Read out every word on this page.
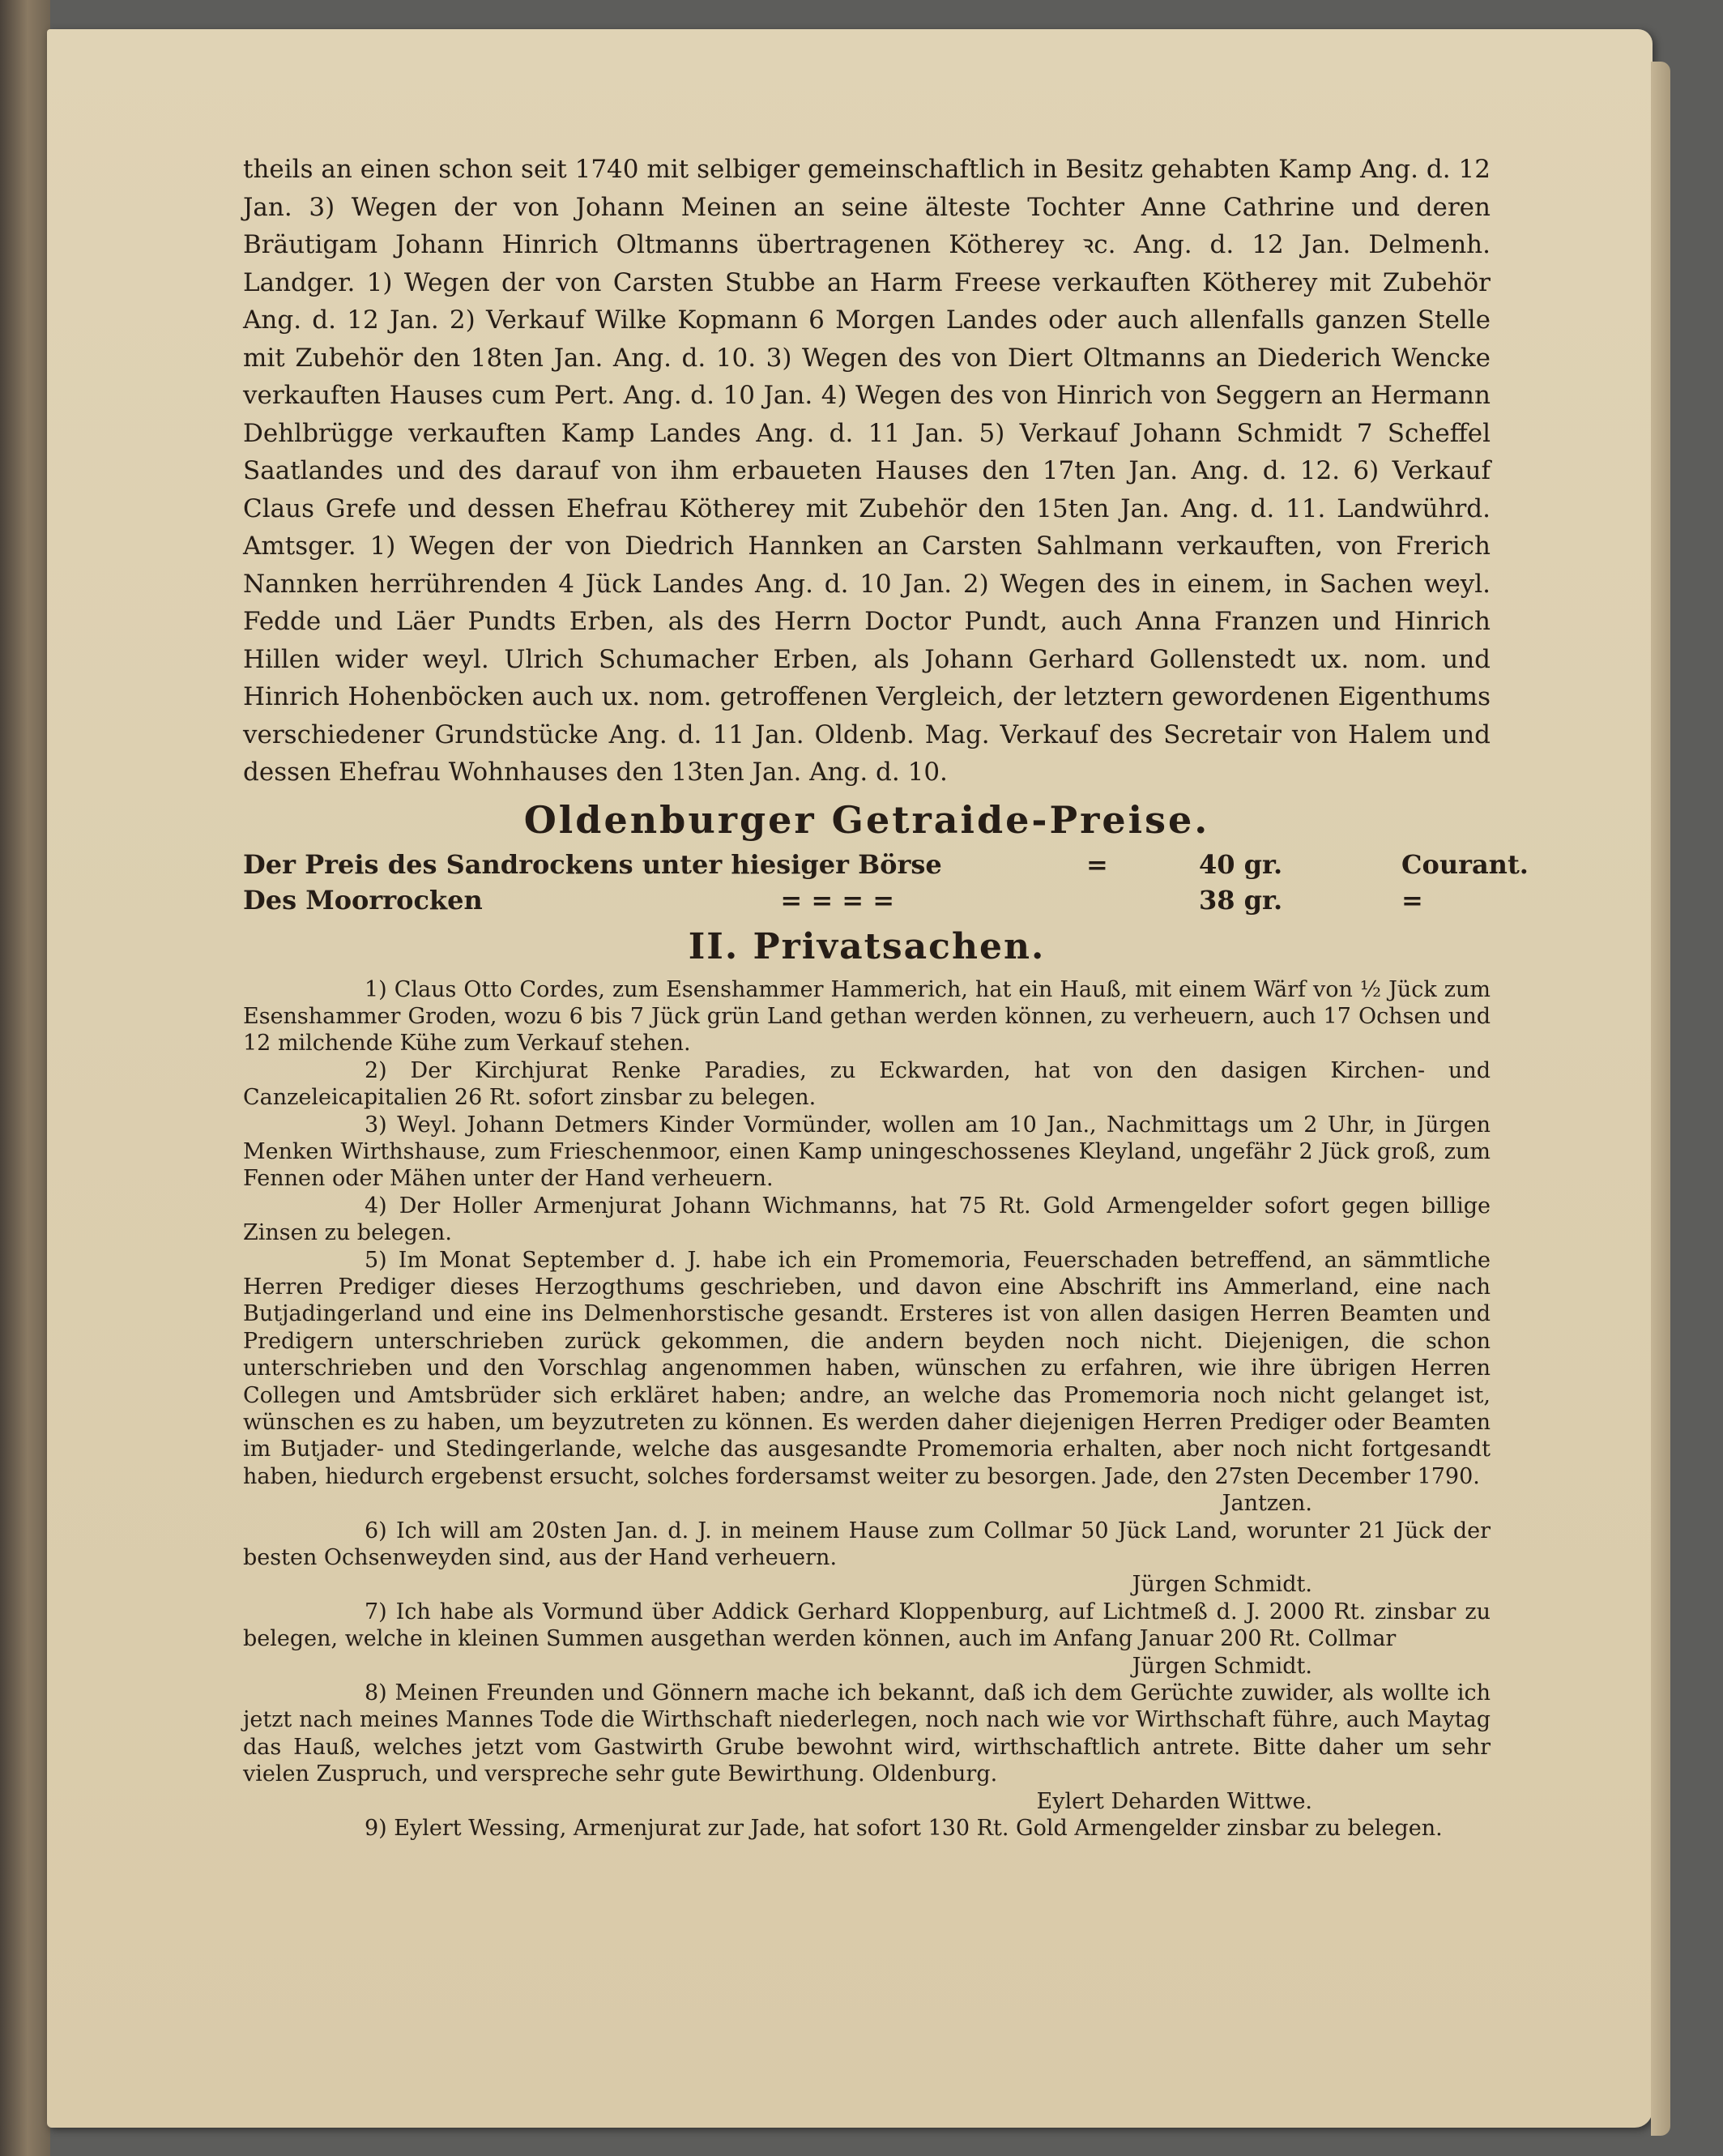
theils an einen schon seit 1740 mit selbiger gemeinschaftlich in Besitz gehabten Kamp Ang. d. 12 Jan. 3) Wegen der von Johann Meinen an seine älteste Tochter Anne Cathrine und deren Bräutigam Johann Hinrich Oltmanns übertragenen Kötherey ꝛc. Ang. d. 12 Jan. Delmenh. Landger. 1) Wegen der von Carsten Stubbe an Harm Freese verkauften Kötherey mit Zubehör Ang. d. 12 Jan. 2) Verkauf Wilke Kopmann 6 Morgen Landes oder auch allenfalls ganzen Stelle mit Zubehör den 18ten Jan. Ang. d. 10. 3) Wegen des von Diert Oltmanns an Diederich Wencke verkauften Hauses cum Pert. Ang. d. 10 Jan. 4) Wegen des von Hinrich von Seggern an Hermann Dehlbrügge verkauften Kamp Landes Ang. d. 11 Jan. 5) Verkauf Johann Schmidt 7 Scheffel Saatlandes und des darauf von ihm erbaueten Hauses den 17ten Jan. Ang. d. 12. 6) Verkauf Claus Grefe und dessen Ehefrau Kötherey mit Zubehör den 15ten Jan. Ang. d. 11. Landwührd. Amtsger. 1) Wegen der von Diedrich Hannken an Carsten Sahlmann verkauften, von Frerich Nannken herrührenden 4 Jück Landes Ang. d. 10 Jan. 2) Wegen des in einem, in Sachen weyl. Fedde und Läer Pundts Erben, als des Herrn Doctor Pundt, auch Anna Franzen und Hinrich Hillen wider weyl. Ulrich Schumacher Erben, als Johann Gerhard Gollenstedt ux. nom. und Hinrich Hohenböcken auch ux. nom. getroffenen Vergleich, der letztern gewordenen Eigenthums verschiedener Grundstücke Ang. d. 11 Jan. Oldenb. Mag. Verkauf des Secretair von Halem und dessen Ehefrau Wohnhauses den 13ten Jan. Ang. d. 10.

Oldenburger Getraide-Preise.
Der Preis des Sandrockens unter hiesiger Börse	=	40 gr.	Courant.
Des Moorrocken	= = = =	38 gr.	=
II. Privatsachen.

1) Claus Otto Cordes, zum Esenshammer Hammerich, hat ein Hauß, mit einem Wärf von ½ Jück zum Esenshammer Groden, wozu 6 bis 7 Jück grün Land gethan werden können, zu verheuern, auch 17 Ochsen und 12 milchende Kühe zum Verkauf stehen.

2) Der Kirchjurat Renke Paradies, zu Eckwarden, hat von den dasigen Kirchen- und Canzeleicapitalien 26 Rt. sofort zinsbar zu belegen.

3) Weyl. Johann Detmers Kinder Vormünder, wollen am 10 Jan., Nachmittags um 2 Uhr, in Jürgen Menken Wirthshause, zum Frieschenmoor, einen Kamp uningeschossenes Kleyland, ungefähr 2 Jück groß, zum Fennen oder Mähen unter der Hand verheuern.

4) Der Holler Armenjurat Johann Wichmanns, hat 75 Rt. Gold Armengelder sofort gegen billige Zinsen zu belegen.

5) Im Monat September d. J. habe ich ein Promemoria, Feuerschaden betreffend, an sämmtliche Herren Prediger dieses Herzogthums geschrieben, und davon eine Abschrift ins Ammerland, eine nach Butjadingerland und eine ins Delmenhorstische gesandt. Ersteres ist von allen dasigen Herren Beamten und Predigern unterschrieben zurück gekommen, die andern beyden noch nicht. Diejenigen, die schon unterschrieben und den Vorschlag angenommen haben, wünschen zu erfahren, wie ihre übrigen Herren Collegen und Amtsbrüder sich erkläret haben; andre, an welche das Promemoria noch nicht gelanget ist, wünschen es zu haben, um beyzutreten zu können. Es werden daher diejenigen Herren Prediger oder Beamten im Butjader- und Stedingerlande, welche das ausgesandte Promemoria erhalten, aber noch nicht fortgesandt haben, hiedurch ergebenst ersucht, solches fordersamst weiter zu besorgen. Jade, den 27sten December 1790.

Jantzen.

6) Ich will am 20sten Jan. d. J. in meinem Hause zum Collmar 50 Jück Land, worunter 21 Jück der besten Ochsenweyden sind, aus der Hand verheuern.

Jürgen Schmidt.

7) Ich habe als Vormund über Addick Gerhard Kloppenburg, auf Lichtmeß d. J. 2000 Rt. zinsbar zu belegen, welche in kleinen Summen ausgethan werden können, auch im Anfang Januar 200 Rt. Collmar

Jürgen Schmidt.

8) Meinen Freunden und Gönnern mache ich bekannt, daß ich dem Gerüchte zuwider, als wollte ich jetzt nach meines Mannes Tode die Wirthschaft niederlegen, noch nach wie vor Wirthschaft führe, auch Maytag das Hauß, welches jetzt vom Gastwirth Grube bewohnt wird, wirthschaftlich antrete. Bitte daher um sehr vielen Zuspruch, und verspreche sehr gute Bewirthung. Oldenburg.

Eylert Deharden Wittwe.

9) Eylert Wessing, Armenjurat zur Jade, hat sofort 130 Rt. Gold Armengelder zinsbar zu belegen.
